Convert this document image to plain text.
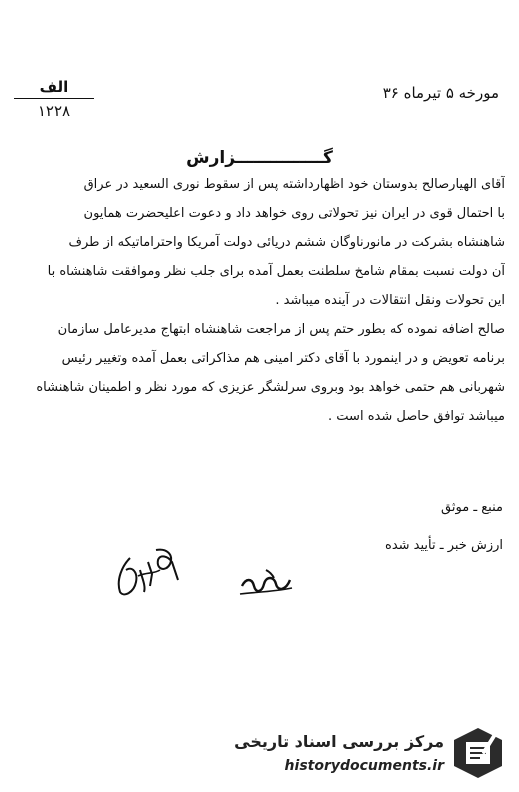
مورخه ۵ تیرماه ۳۶
الف
۱۲۲۸
گـــــــــــــــزارش
آقای الهیارصالح بدوستان خود اظهارداشته پس از سقوط نوری السعید در عراق
با احتمال قوی در ایران نیز تحولاتی روی خواهد داد و دعوت اعلیحضرت همایون
شاهنشاه بشرکت در مانورناوگان ششم دریائی دولت آمریکا واحتراماتیکه از طرف
آن دولت نسبت بمقام شامخ سلطنت بعمل آمده برای جلب نظر وموافقت شاهنشاه با
این تحولات ونقل انتقالات در آینده میباشد .
صالح اضافه نموده که بطور حتم پس از مراجعت شاهنشاه ابتهاج مدیرعامل سازمان
برنامه تعویض و در اینمورد با آقای دکتر امینی هم مذاکراتی بعمل آمده وتغییر رئیس
شهربانی هم حتمی خواهد بود وبروی سرلشگر عزیزی که مورد نظر و اطمینان شاهنشاه
میباشد توافق حاصل شده است .
منبع ـ موثق
ارزش خبر ـ تأیید شده
مرکز بررسی اسناد تاریخی
historydocuments.ir
